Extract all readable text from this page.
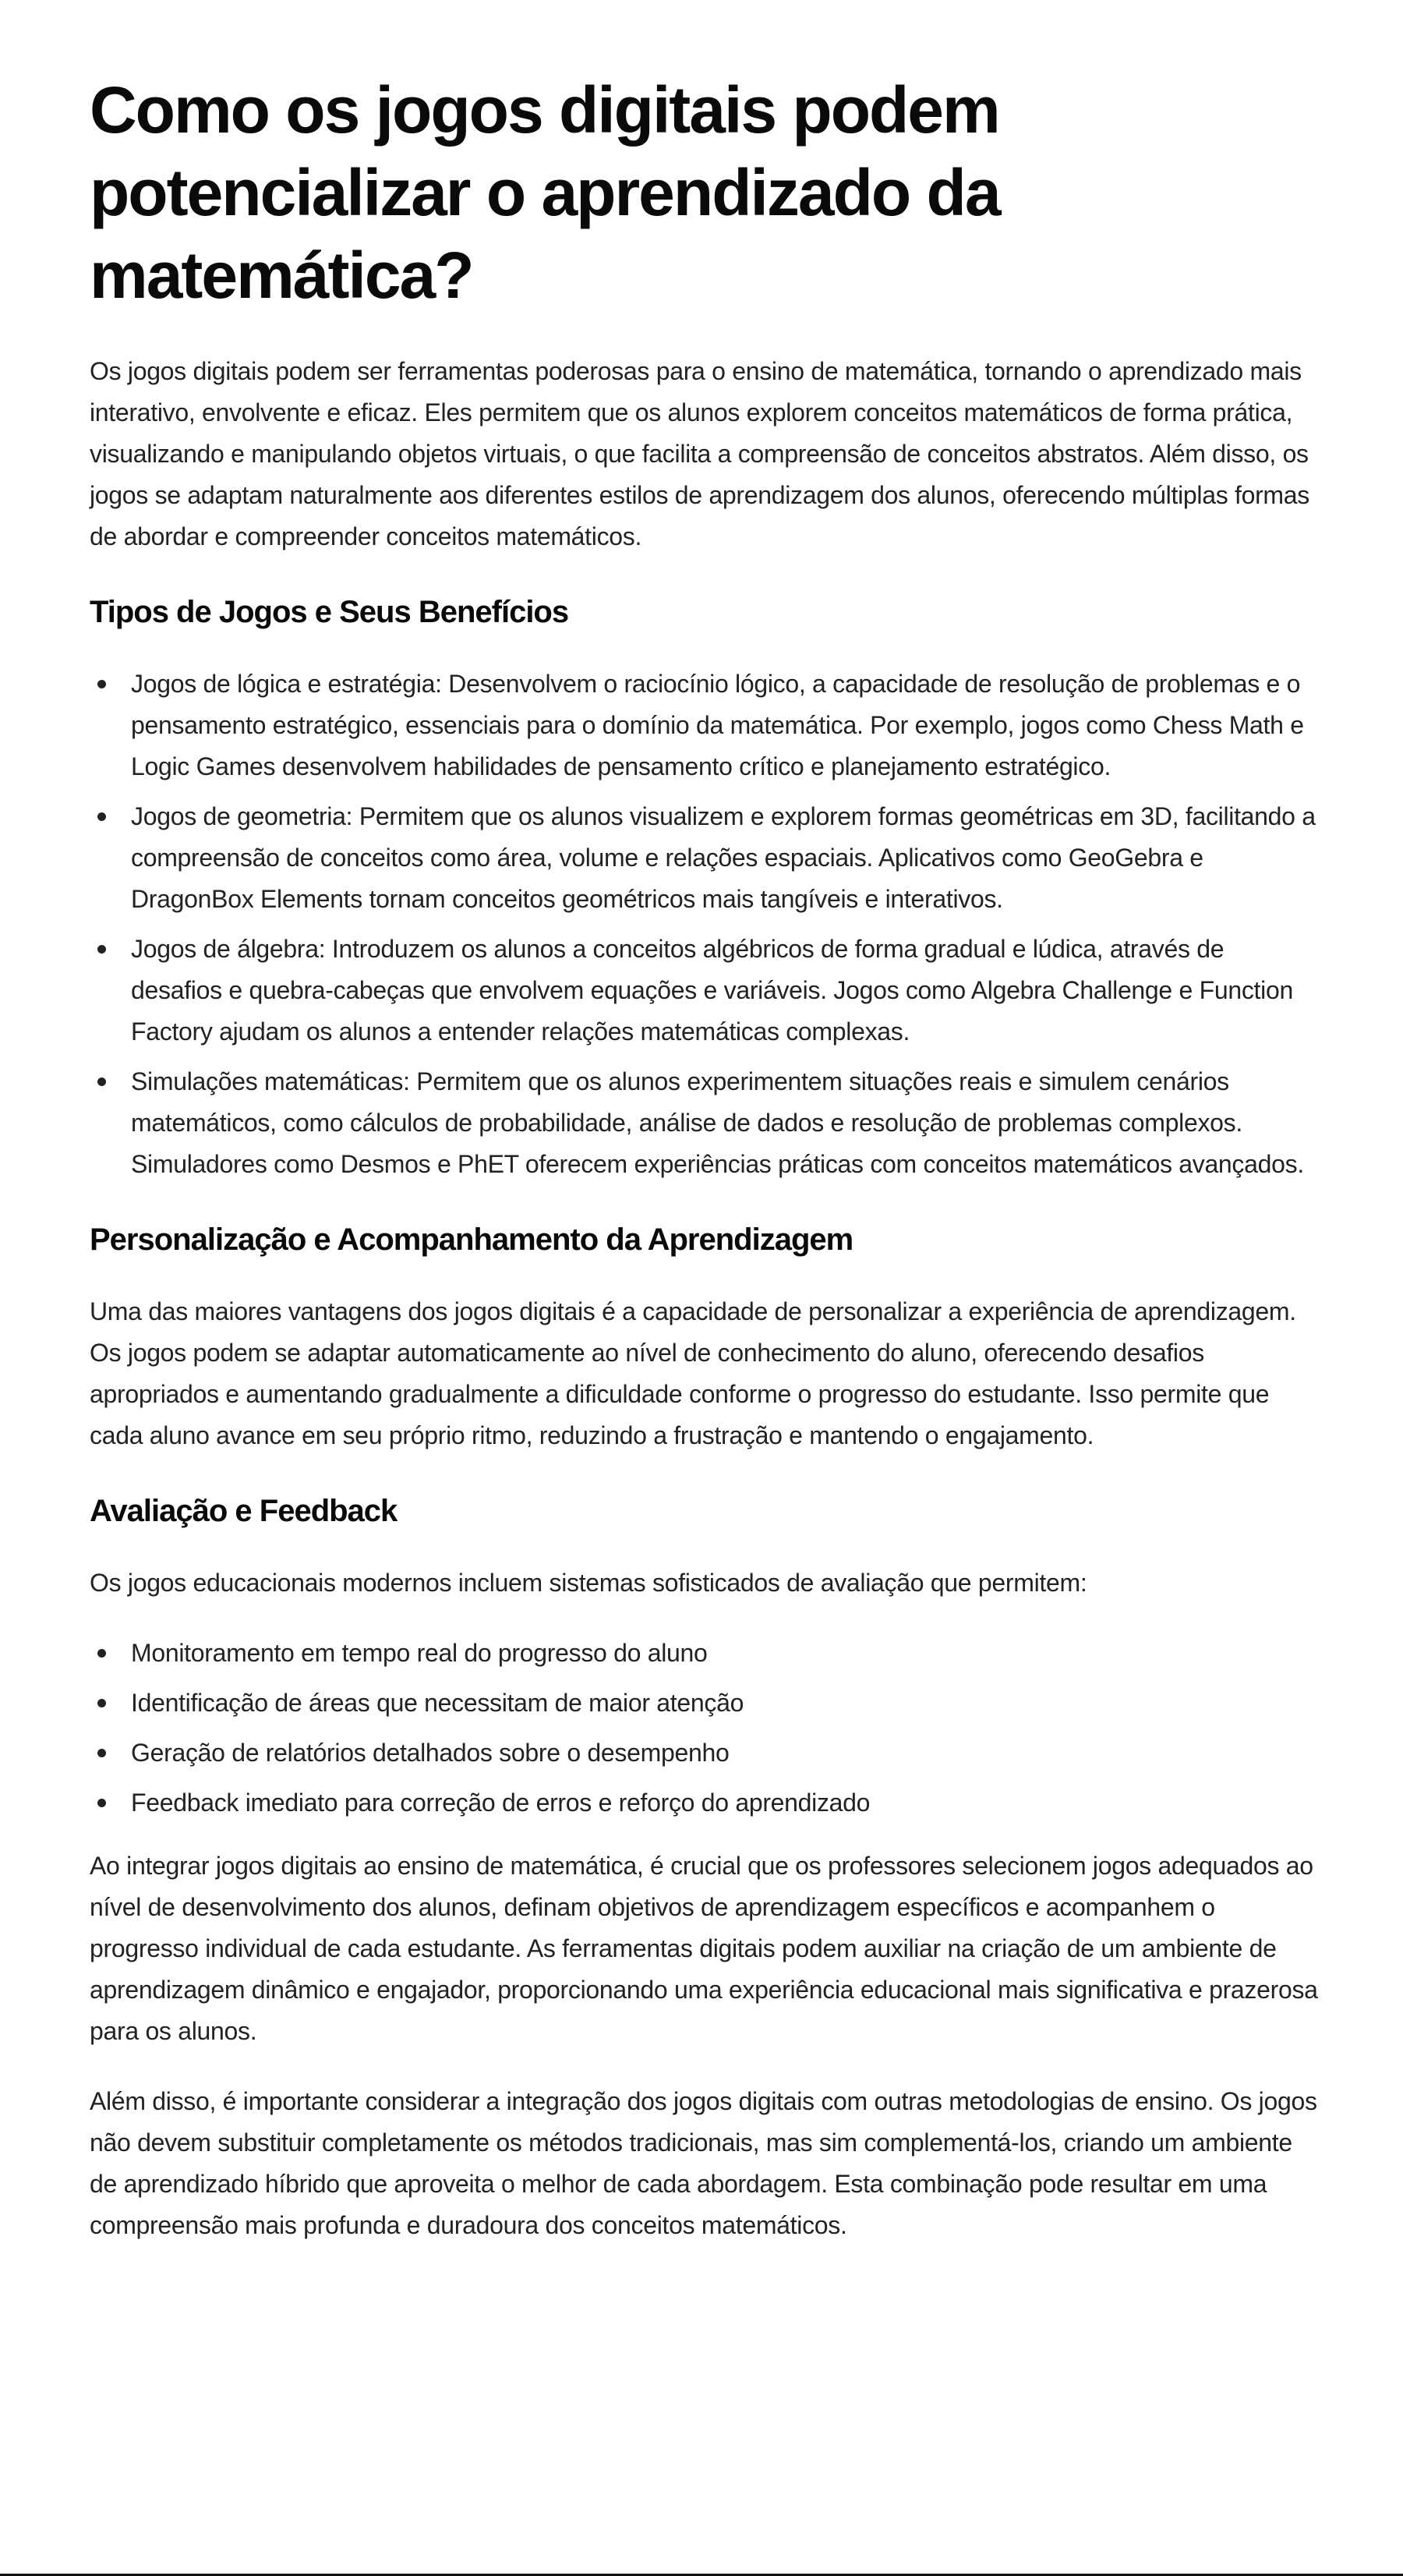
Como os jogos digitais podem potencializar o aprendizado da matemática?

Os jogos digitais podem ser ferramentas poderosas para o ensino de matemática, tornando o aprendizado mais interativo, envolvente e eficaz. Eles permitem que os alunos explorem conceitos matemáticos de forma prática, visualizando e manipulando objetos virtuais, o que facilita a compreensão de conceitos abstratos. Além disso, os jogos se adaptam naturalmente aos diferentes estilos de aprendizagem dos alunos, oferecendo múltiplas formas de abordar e compreender conceitos matemáticos.

Tipos de Jogos e Seus Benefícios
Jogos de lógica e estratégia: Desenvolvem o raciocínio lógico, a capacidade de resolução de problemas e o pensamento estratégico, essenciais para o domínio da matemática. Por exemplo, jogos como Chess Math e Logic Games desenvolvem habilidades de pensamento crítico e planejamento estratégico.
Jogos de geometria: Permitem que os alunos visualizem e explorem formas geométricas em 3D, facilitando a compreensão de conceitos como área, volume e relações espaciais. Aplicativos como GeoGebra e DragonBox Elements tornam conceitos geométricos mais tangíveis e interativos.
Jogos de álgebra: Introduzem os alunos a conceitos algébricos de forma gradual e lúdica, através de desafios e quebra-cabeças que envolvem equações e variáveis. Jogos como Algebra Challenge e Function Factory ajudam os alunos a entender relações matemáticas complexas.
Simulações matemáticas: Permitem que os alunos experimentem situações reais e simulem cenários matemáticos, como cálculos de probabilidade, análise de dados e resolução de problemas complexos. Simuladores como Desmos e PhET oferecem experiências práticas com conceitos matemáticos avançados.
Personalização e Acompanhamento da Aprendizagem

Uma das maiores vantagens dos jogos digitais é a capacidade de personalizar a experiência de aprendizagem. Os jogos podem se adaptar automaticamente ao nível de conhecimento do aluno, oferecendo desafios apropriados e aumentando gradualmente a dificuldade conforme o progresso do estudante. Isso permite que cada aluno avance em seu próprio ritmo, reduzindo a frustração e mantendo o engajamento.

Avaliação e Feedback

Os jogos educacionais modernos incluem sistemas sofisticados de avaliação que permitem:

Monitoramento em tempo real do progresso do aluno
Identificação de áreas que necessitam de maior atenção
Geração de relatórios detalhados sobre o desempenho
Feedback imediato para correção de erros e reforço do aprendizado

Ao integrar jogos digitais ao ensino de matemática, é crucial que os professores selecionem jogos adequados ao nível de desenvolvimento dos alunos, definam objetivos de aprendizagem específicos e acompanhem o progresso individual de cada estudante. As ferramentas digitais podem auxiliar na criação de um ambiente de aprendizagem dinâmico e engajador, proporcionando uma experiência educacional mais significativa e prazerosa para os alunos.

Além disso, é importante considerar a integração dos jogos digitais com outras metodologias de ensino. Os jogos não devem substituir completamente os métodos tradicionais, mas sim complementá-los, criando um ambiente de aprendizado híbrido que aproveita o melhor de cada abordagem. Esta combinação pode resultar em uma compreensão mais profunda e duradoura dos conceitos matemáticos.
